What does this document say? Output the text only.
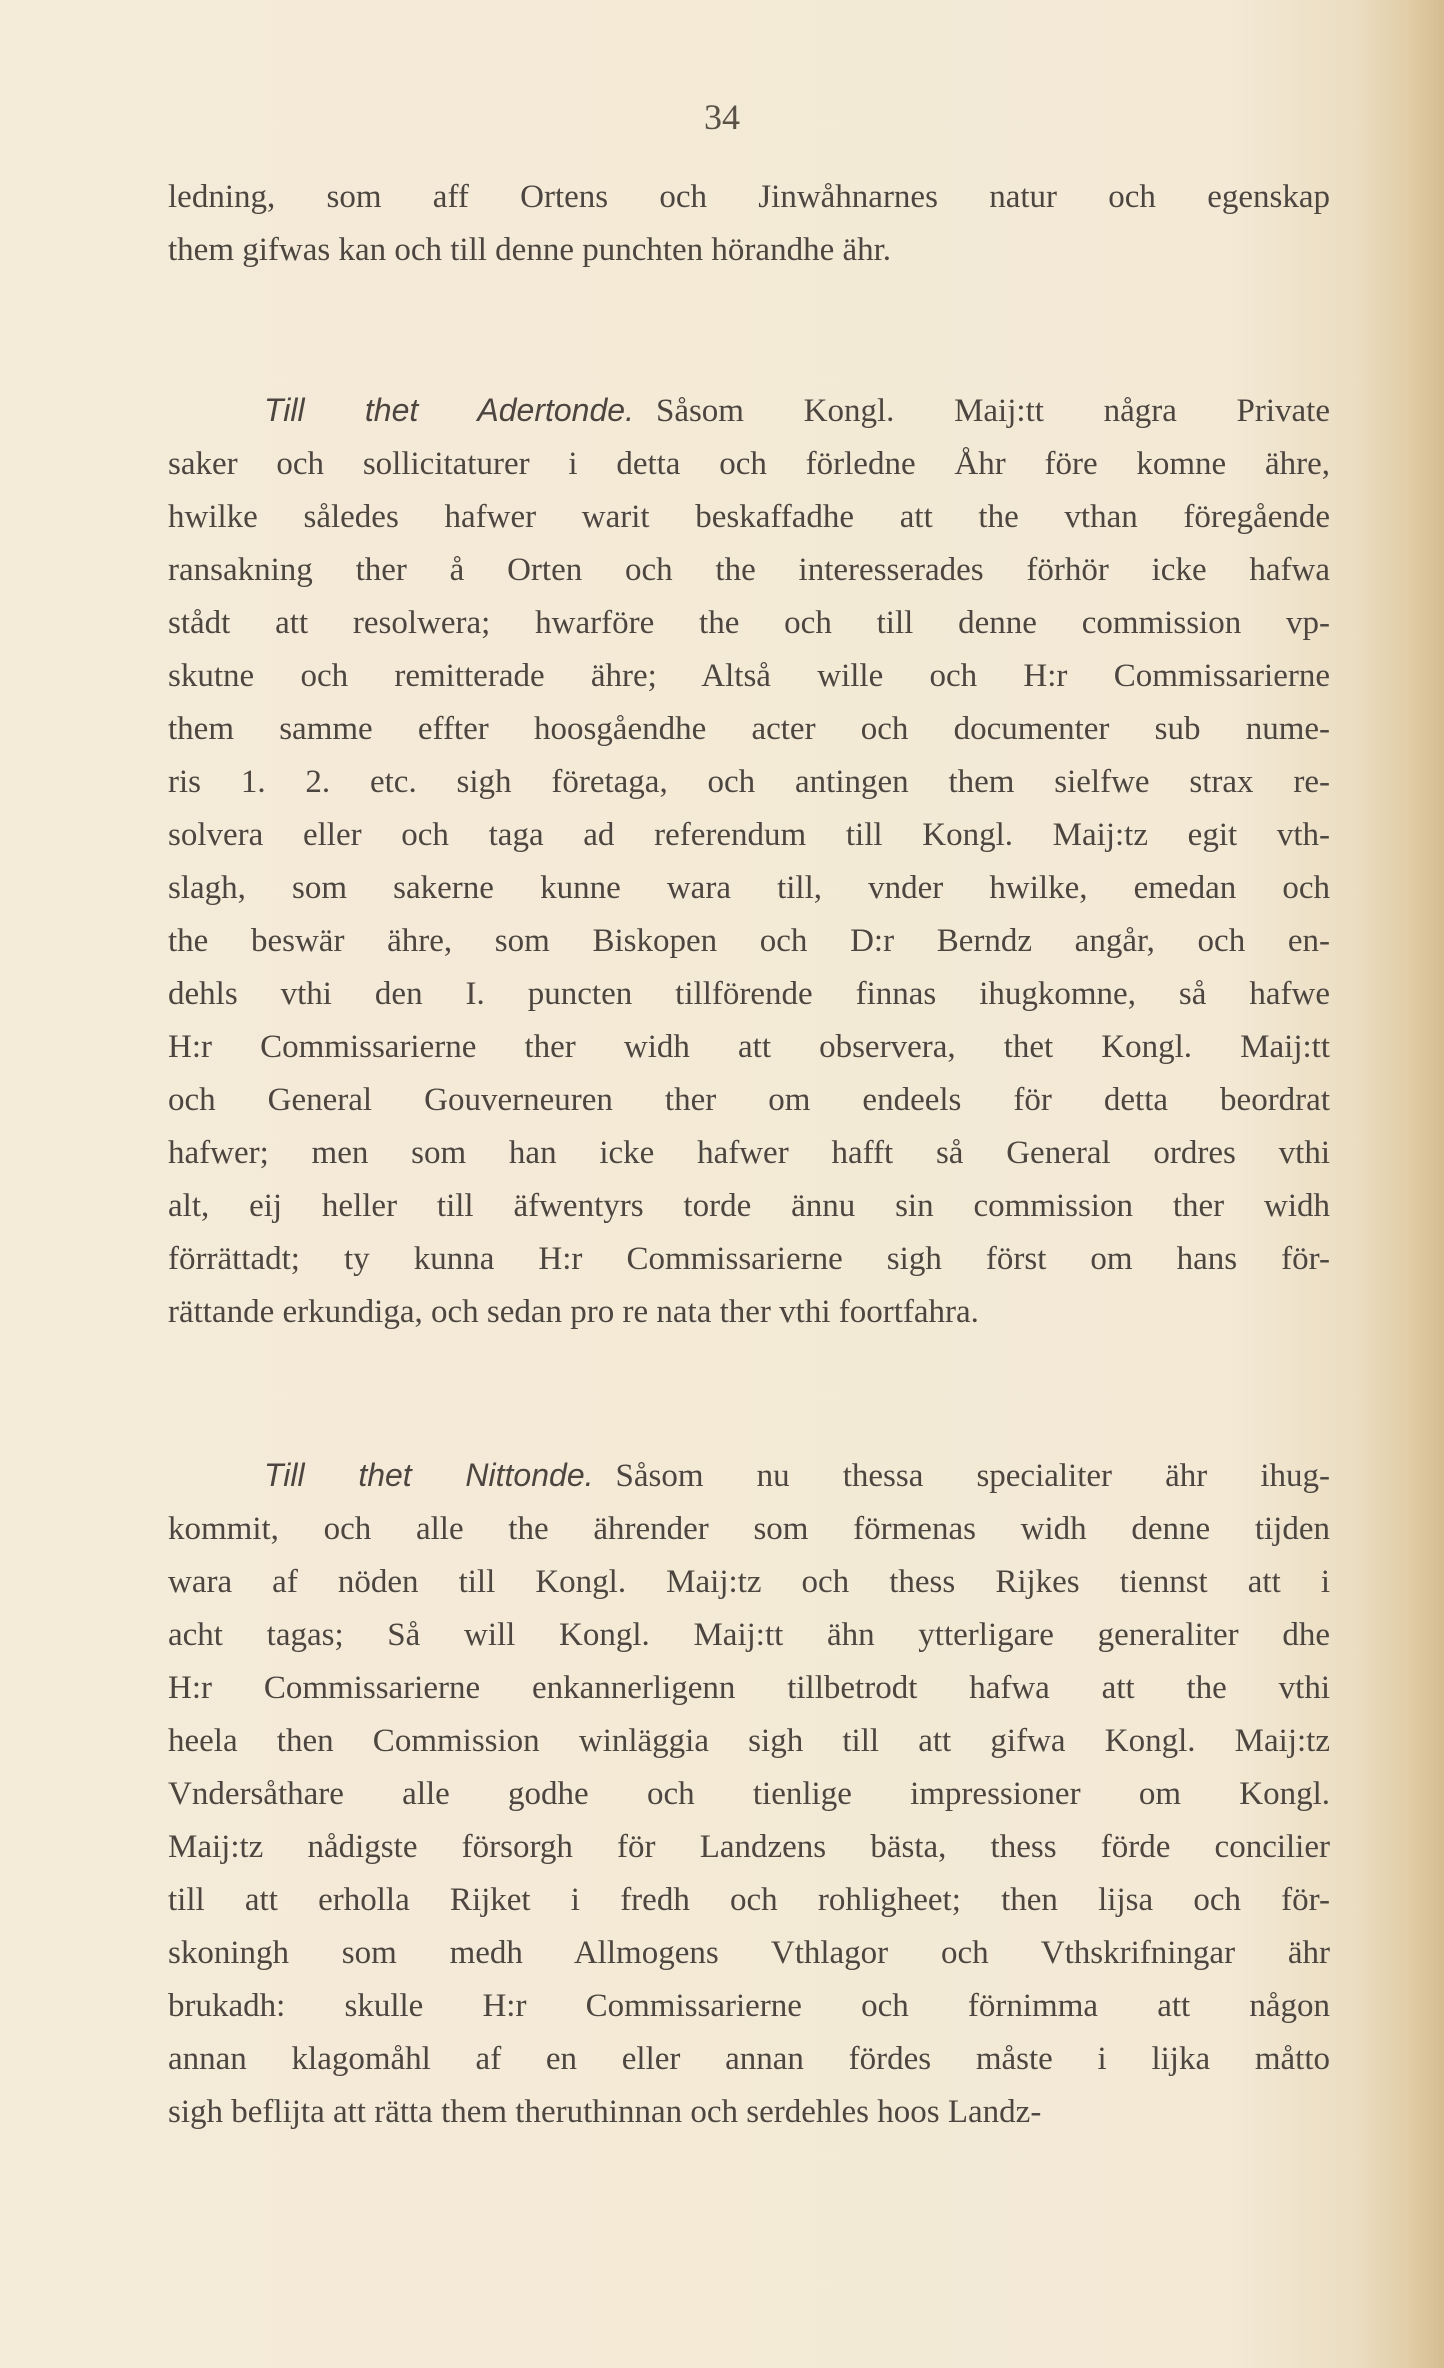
34
ledning, som aff Ortens och Jinwåhnarnes natur och egenskap
them gifwas kan och till denne punchten hörandhe ähr.
Till thet Adertonde. Såsom Kongl. Maij:tt några Private
saker och sollicitaturer i detta och förledne Åhr före komne ähre,
hwilke således hafwer warit beskaffadhe att the vthan föregående
ransakning ther å Orten och the interesserades förhör icke hafwa
stådt att resolwera; hwarföre the och till denne commission vp-
skutne och remitterade ähre; Altså wille och H:r Commissarierne
them samme effter hoosgåendhe acter och documenter sub nume-
ris 1. 2. etc. sigh företaga, och antingen them sielfwe strax re-
solvera eller och taga ad referendum till Kongl. Maij:tz egit vth-
slagh, som sakerne kunne wara till, vnder hwilke, emedan och
the beswär ähre, som Biskopen och D:r Berndz angår, och en-
dehls vthi den I. puncten tillförende finnas ihugkomne, så hafwe
H:r Commissarierne ther widh att observera, thet Kongl. Maij:tt
och General Gouverneuren ther om endeels för detta beordrat
hafwer; men som han icke hafwer hafft så General ordres vthi
alt, eij heller till äfwentyrs torde ännu sin commission ther widh
förrättadt; ty kunna H:r Commissarierne sigh först om hans för-
rättande erkundiga, och sedan pro re nata ther vthi foortfahra.
Till thet Nittonde. Såsom nu thessa specialiter ähr ihug-
kommit, och alle the ährender som förmenas widh denne tijden
wara af nöden till Kongl. Maij:tz och thess Rijkes tiennst att i
acht tagas; Så will Kongl. Maij:tt ähn ytterligare generaliter dhe
H:r Commissarierne enkannerligenn tillbetrodt hafwa att the vthi
heela then Commission winläggia sigh till att gifwa Kongl. Maij:tz
Vndersåthare alle godhe och tienlige impressioner om Kongl.
Maij:tz nådigste försorgh för Landzens bästa, thess förde concilier
till att erholla Rijket i fredh och rohligheet; then lijsa och för-
skoningh som medh Allmogens Vthlagor och Vthskrifningar ähr
brukadh: skulle H:r Commissarierne och förnimma att någon
annan klagomåhl af en eller annan fördes måste i lijka måtto
sigh beflijta att rätta them theruthinnan och serdehles hoos Landz-
